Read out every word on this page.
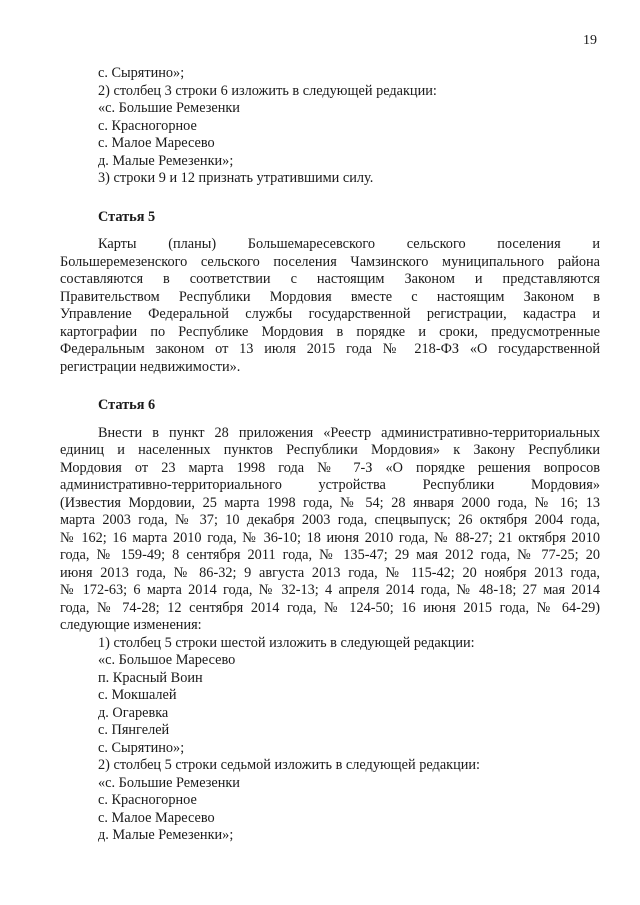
19
с. Сырятино»;
2) столбец 3 строки 6 изложить в следующей редакции:
«с. Большие Ремезенки
с. Красногорное
с. Малое Маресево
д. Малые Ремезенки»;
3) строки 9 и 12 признать утратившими силу.
Статья 5
Карты (планы) Большемаресевского сельского поселения и
Большеремезенского сельского поселения Чамзинского муниципального района
составляются в соответствии с настоящим Законом и представляются
Правительством Республики Мордовия вместе с настоящим Законом в
Управление Федеральной службы государственной регистрации, кадастра и
картографии по Республике Мордовия в порядке и сроки, предусмотренные
Федеральным законом от 13 июля 2015 года № 218-ФЗ «О государственной
регистрации недвижимости».
Статья 6
Внести в пункт 28 приложения «Реестр административно-территориальных
единиц и населенных пунктов Республики Мордовия» к Закону Республики
Мордовия от 23 марта 1998 года № 7-З «О порядке решения вопросов
административно-территориального устройства Республики Мордовия»
(Известия Мордовии, 25 марта 1998 года, № 54; 28 января 2000 года, № 16; 13
марта 2003 года, № 37; 10 декабря 2003 года, спецвыпуск; 26 октября 2004 года,
№ 162; 16 марта 2010 года, № 36-10; 18 июня 2010 года, № 88-27; 21 октября 2010
года, № 159-49; 8 сентября 2011 года, № 135-47; 29 мая 2012 года, № 77-25; 20
июня 2013 года, № 86-32; 9 августа 2013 года, № 115-42; 20 ноября 2013 года,
№ 172-63; 6 марта 2014 года, № 32-13; 4 апреля 2014 года, № 48-18; 27 мая 2014
года, № 74-28; 12 сентября 2014 года, № 124-50; 16 июня 2015 года, № 64-29)
следующие изменения:
1) столбец 5 строки шестой изложить в следующей редакции:
«с. Большое Маресево
п. Красный Воин
с. Мокшалей
д. Огаревка
с. Пянгелей
с. Сырятино»;
2) столбец 5 строки седьмой изложить в следующей редакции:
«с. Большие Ремезенки
с. Красногорное
с. Малое Маресево
д. Малые Ремезенки»;
